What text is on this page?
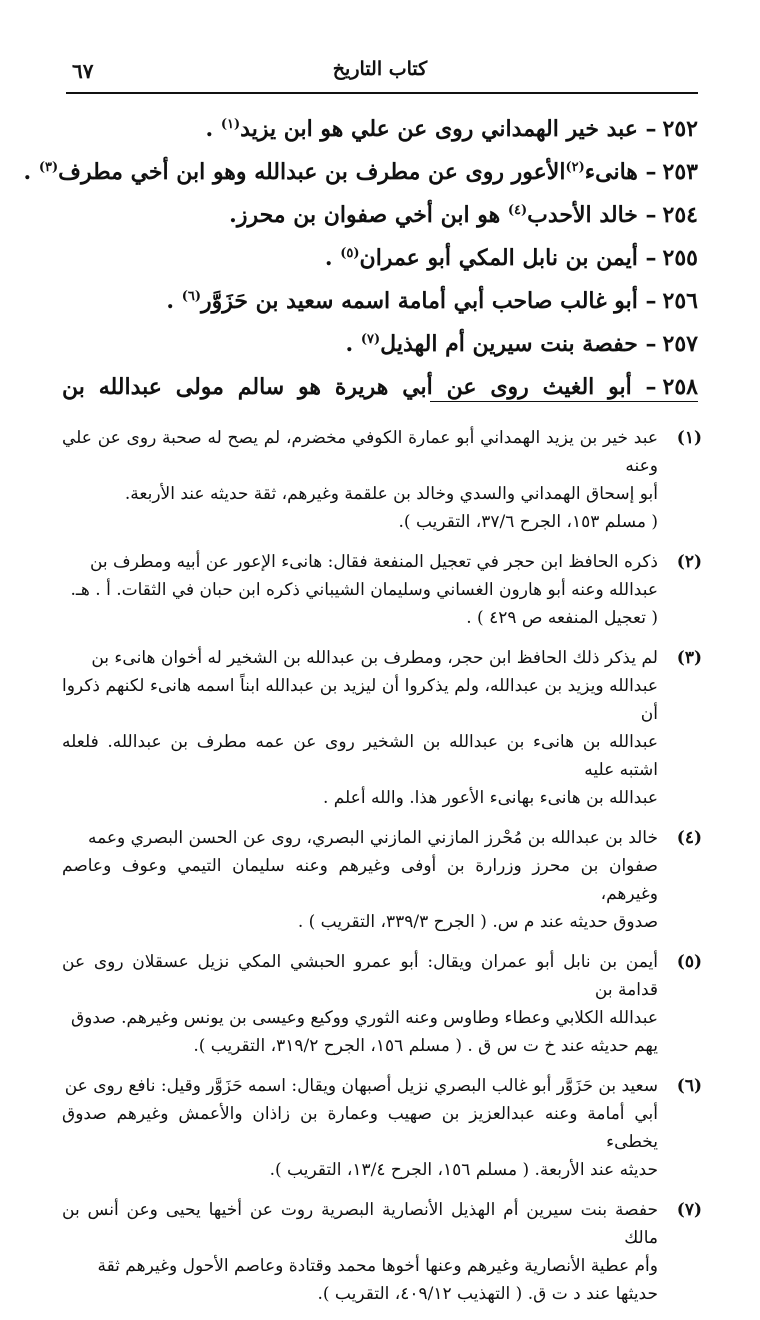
كتاب التاريخ
٦٧
٢٥٢– عبد خير الهمداني روى عن علي هو ابن يزيد$^{(١)}$ .
٢٥٣– هانىء$^{(٢)}$الأعور روى عن مطرف بن عبدالله وهو ابن أخي مطرف$^{(٣)}$ .
٢٥٤– خالد الأحدب$^{(٤)}$ هو ابن أخي صفوان بن محرز.
٢٥٥– أيمن بن نابل المكي أبو عمران$^{(٥)}$ .
٢٥٦– أبو غالب صاحب أبي أمامة اسمه سعيد بن حَزَوَّر$^{(٦)}$ .
٢٥٧– حفصة بنت سيرين أم الهذيل$^{(٧)}$ .
٢٥٨– أبو الغيث روى عن أبي هريرة هو سالم مولى عبدالله بن
(١)
عبد خير بن يزيد الهمداني أبو عمارة الكوفي مخضرم، لم يصح له صحبة روى عن علي وعنه
أبو إسحاق الهمداني والسدي وخالد بن علقمة وغيرهم، ثقة حديثه عند الأربعة.
( مسلم ١٥٣، الجرح ٣٧/٦، التقريب ).
(٢)
ذكره الحافظ ابن حجر في تعجيل المنفعة فقال: هانىء الإعور عن أبيه ومطرف بن
عبدالله وعنه أبو هارون الغساني وسليمان الشيباني ذكره ابن حبان في الثقات. أ . هـ.
( تعجيل المنفعه ص ٤٢٩ ) .
(٣)
لم يذكر ذلك الحافظ ابن حجر، ومطرف بن عبدالله بن الشخير له أخوان هانىء بن
عبدالله ويزيد بن عبدالله، ولم يذكروا أن ليزيد بن عبدالله ابناً اسمه هانىء لكنهم ذكروا أن
عبدالله بن هانىء بن عبدالله بن الشخير روى عن عمه مطرف بن عبدالله. فلعله اشتبه عليه
عبدالله بن هانىء بهانىء الأعور هذا. والله أعلم .
(٤)
خالد بن عبدالله بن مُحْرز المازني المازني البصري، روى عن الحسن البصري وعمه
صفوان بن محرز وزرارة بن أوفى وغيرهم وعنه سليمان التيمي وعوف وعاصم وغيرهم،
صدوق حديثه عند م س. ( الجرح ٣٣٩/٣، التقريب ) .
(٥)
أيمن بن نابل أبو عمران ويقال: أبو عمرو الحبشي المكي نزيل عسقلان روى عن قدامة بن
عبدالله الكلابي وعطاء وطاوس وعنه الثوري ووكيع وعيسى بن يونس وغيرهم. صدوق
يهم حديثه عند خ ت س ق . ( مسلم ١٥٦، الجرح ٣١٩/٢، التقريب ).
(٦)
سعيد بن حَزَوَّر أبو غالب البصري نزيل أصبهان ويقال: اسمه حَزَوَّر وقيل: نافع روى عن
أبي أمامة وعنه عبدالعزيز بن صهيب وعمارة بن زاذان والأعمش وغيرهم صدوق يخطىء
حديثه عند الأربعة. ( مسلم ١٥٦، الجرح ١٣/٤، التقريب ).
(٧)
حفصة بنت سيرين أم الهذيل الأنصارية البصرية روت عن أخيها يحيى وعن أنس بن مالك
وأم عطية الأنصارية وغيرهم وعنها أخوها محمد وقتادة وعاصم الأحول وغيرهم ثقة
حديثها عند د ت ق. ( التهذيب ٤٠٩/١٢، التقريب ).
